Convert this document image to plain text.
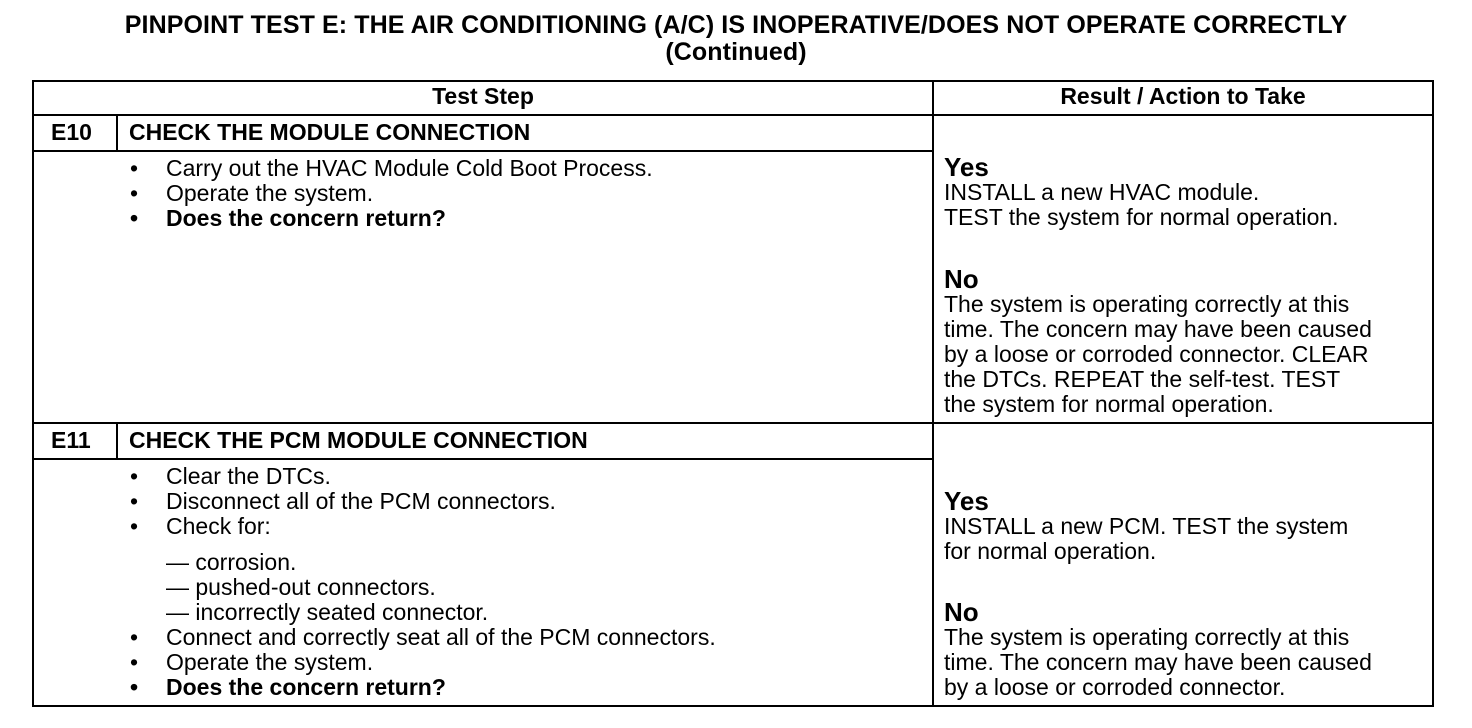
PINPOINT TEST E: THE AIR CONDITIONING (A/C) IS INOPERATIVE/DOES NOT OPERATE CORRECTLY
(Continued)
Test Step	Result / Action to Take
E10 CHECK THE MODULE CONNECTION
• Carry out the HVAC Module Cold Boot Process.
• Operate the system.
• Does the concern return?
Yes
INSTALL a new HVAC module.
TEST the system for normal operation.
No
The system is operating correctly at this
time. The concern may have been caused
by a loose or corroded connector. CLEAR
the DTCs. REPEAT the self-test. TEST
the system for normal operation.
E11 CHECK THE PCM MODULE CONNECTION
• Clear the DTCs.
• Disconnect all of the PCM connectors.
• Check for:
— corrosion.
— pushed-out connectors.
— incorrectly seated connector.
• Connect and correctly seat all of the PCM connectors.
• Operate the system.
• Does the concern return?
Yes
INSTALL a new PCM. TEST the system
for normal operation.
No
The system is operating correctly at this
time. The concern may have been caused
by a loose or corroded connector.
